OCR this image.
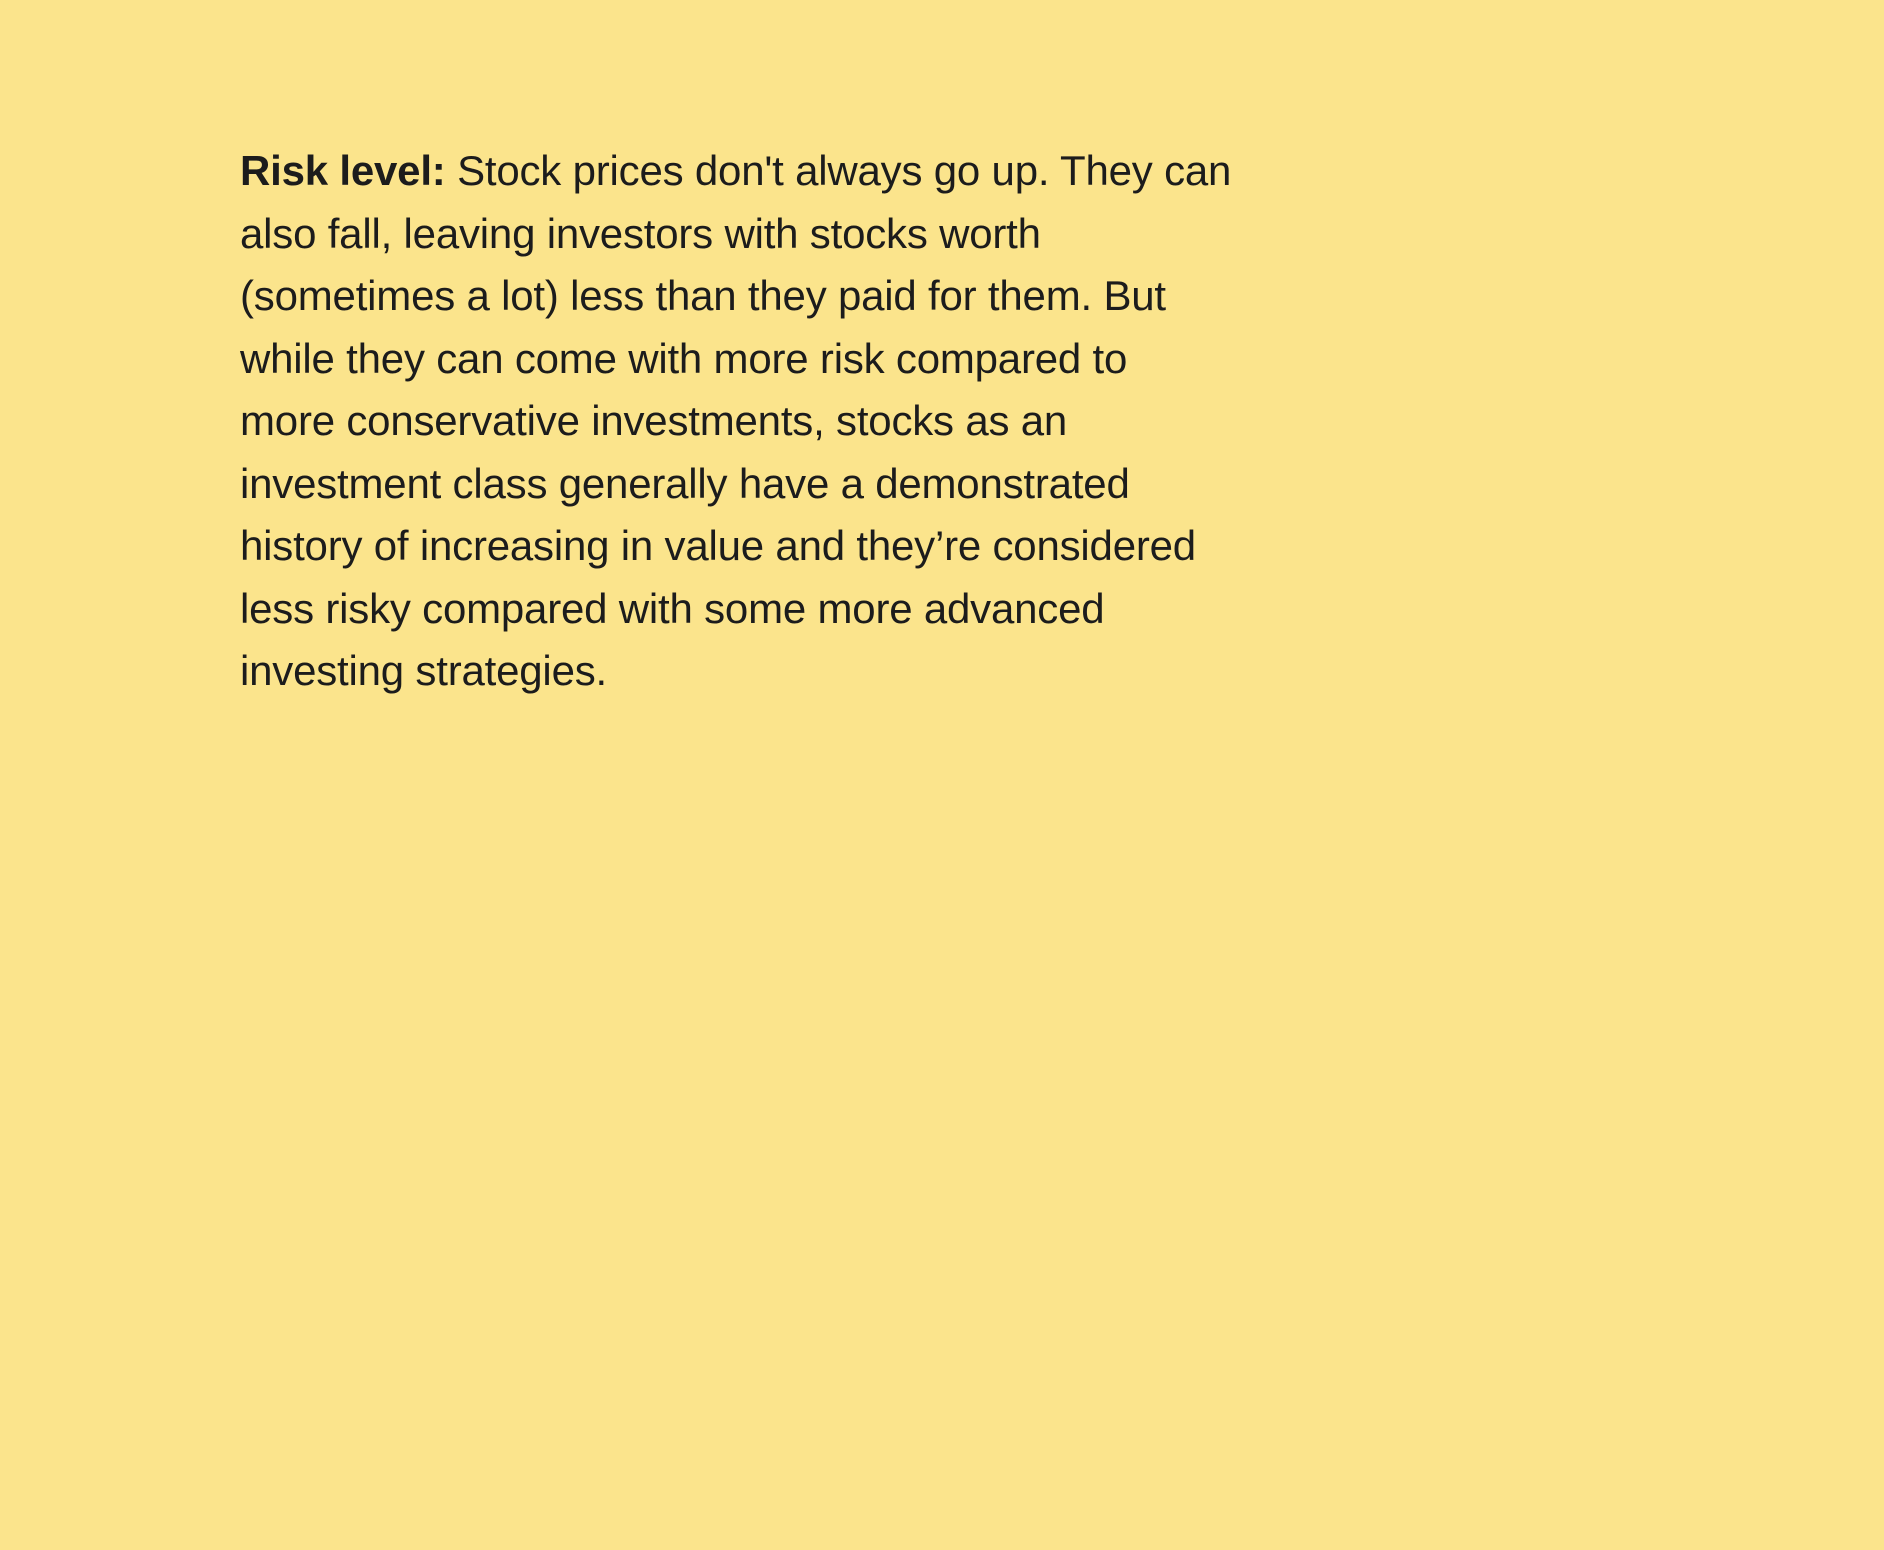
Risk level: Stock prices don't always go up. They can
also fall, leaving investors with stocks worth
(sometimes a lot) less than they paid for them. But
while they can come with more risk compared to
more conservative investments, stocks as an
investment class generally have a demonstrated
history of increasing in value and they’re considered
less risky compared with some more advanced
investing strategies.
